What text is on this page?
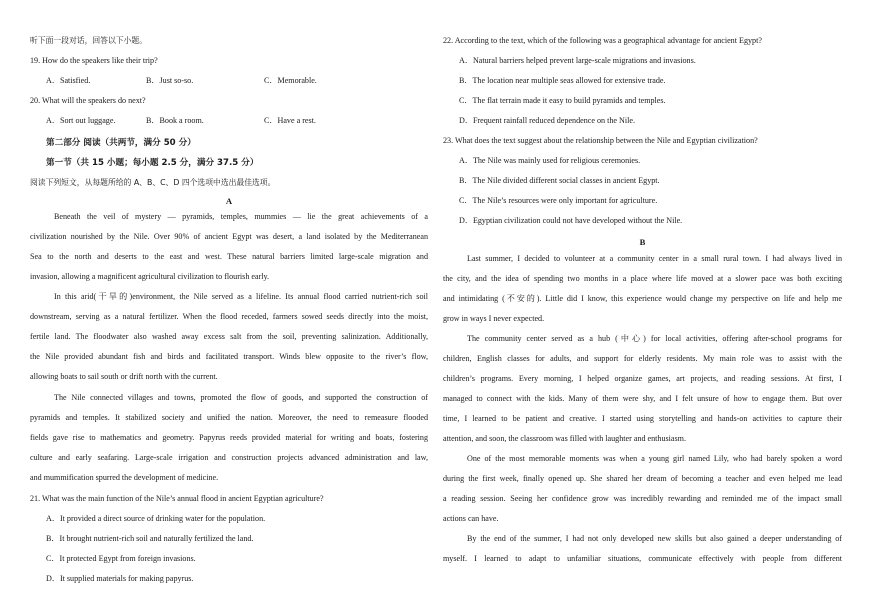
听下面一段对话，回答以下小题。
19. How do the speakers like their trip?
A．Satisfied.	B．Just so-so.	C．Memorable.
20. What will the speakers do next?
A．Sort out luggage.	B．Book a room.	C．Have a rest.
第二部分 阅读（共两节，满分 50 分）
第一节（共 15 小题；每小题 2.5 分，满分 37.5 分）
阅读下列短文，从每题所给的 A、B、C、D 四个选项中选出最佳选项。
A
Beneath the veil of mystery — pyramids, temples, mummies — lie the great achievements of a
civilization nourished by the Nile. Over 90% of ancient Egypt was desert, a land isolated by the Mediterranean
Sea to the north and deserts to the east and west. These natural barriers limited large-scale migration and
invasion, allowing a magnificent agricultural civilization to flourish early.
In this arid(干旱的)environment, the Nile served as a lifeline. Its annual flood carried nutrient-rich soil
downstream, serving as a natural fertilizer. When the flood receded, farmers sowed seeds directly into the moist,
fertile land. The floodwater also washed away excess salt from the soil, preventing salinization. Additionally,
the Nile provided abundant fish and birds and facilitated transport. Winds blew opposite to the river’s flow,
allowing boats to sail south or drift north with the current.
The Nile connected villages and towns, promoted the flow of goods, and supported the construction of
pyramids and temples. It stabilized society and unified the nation. Moreover, the need to remeasure flooded
fields gave rise to mathematics and geometry. Papyrus reeds provided material for writing and boats, fostering
culture and early seafaring. Large-scale irrigation and construction projects advanced administration and law,
and mummification spurred the development of medicine.
21. What was the main function of the Nile’s annual flood in ancient Egyptian agriculture?
A．It provided a direct source of drinking water for the population.
B．It brought nutrient-rich soil and naturally fertilized the land.
C．It protected Egypt from foreign invasions.
D．It supplied materials for making papyrus.
22. According to the text, which of the following was a geographical advantage for ancient Egypt?
A．Natural barriers helped prevent large-scale migrations and invasions.
B．The location near multiple seas allowed for extensive trade.
C．The flat terrain made it easy to build pyramids and temples.
D．Frequent rainfall reduced dependence on the Nile.
23. What does the text suggest about the relationship between the Nile and Egyptian civilization?
A．The Nile was mainly used for religious ceremonies.
B．The Nile divided different social classes in ancient Egypt.
C．The Nile’s resources were only important for agriculture.
D．Egyptian civilization could not have developed without the Nile.
B
Last summer, I decided to volunteer at a community center in a small rural town. I had always lived in
the city, and the idea of spending two months in a place where life moved at a slower pace was both exciting
and intimidating (不安的). Little did I know, this experience would change my perspective on life and help me
grow in ways I never expected.
The community center served as a hub (中心) for local activities, offering after-school programs for
children, English classes for adults, and support for elderly residents. My main role was to assist with the
children’s programs. Every morning, I helped organize games, art projects, and reading sessions. At first, I
managed to connect with the kids. Many of them were shy, and I felt unsure of how to engage them. But over
time, I learned to be patient and creative. I started using storytelling and hands-on activities to capture their
attention, and soon, the classroom was filled with laughter and enthusiasm.
One of the most memorable moments was when a young girl named Lily, who had barely spoken a word
during the first week, finally opened up. She shared her dream of becoming a teacher and even helped me lead
a reading session. Seeing her confidence grow was incredibly rewarding and reminded me of the impact small
actions can have.
By the end of the summer, I had not only developed new skills but also gained a deeper understanding of
myself. I learned to adapt to unfamiliar situations, communicate effectively with people from different
